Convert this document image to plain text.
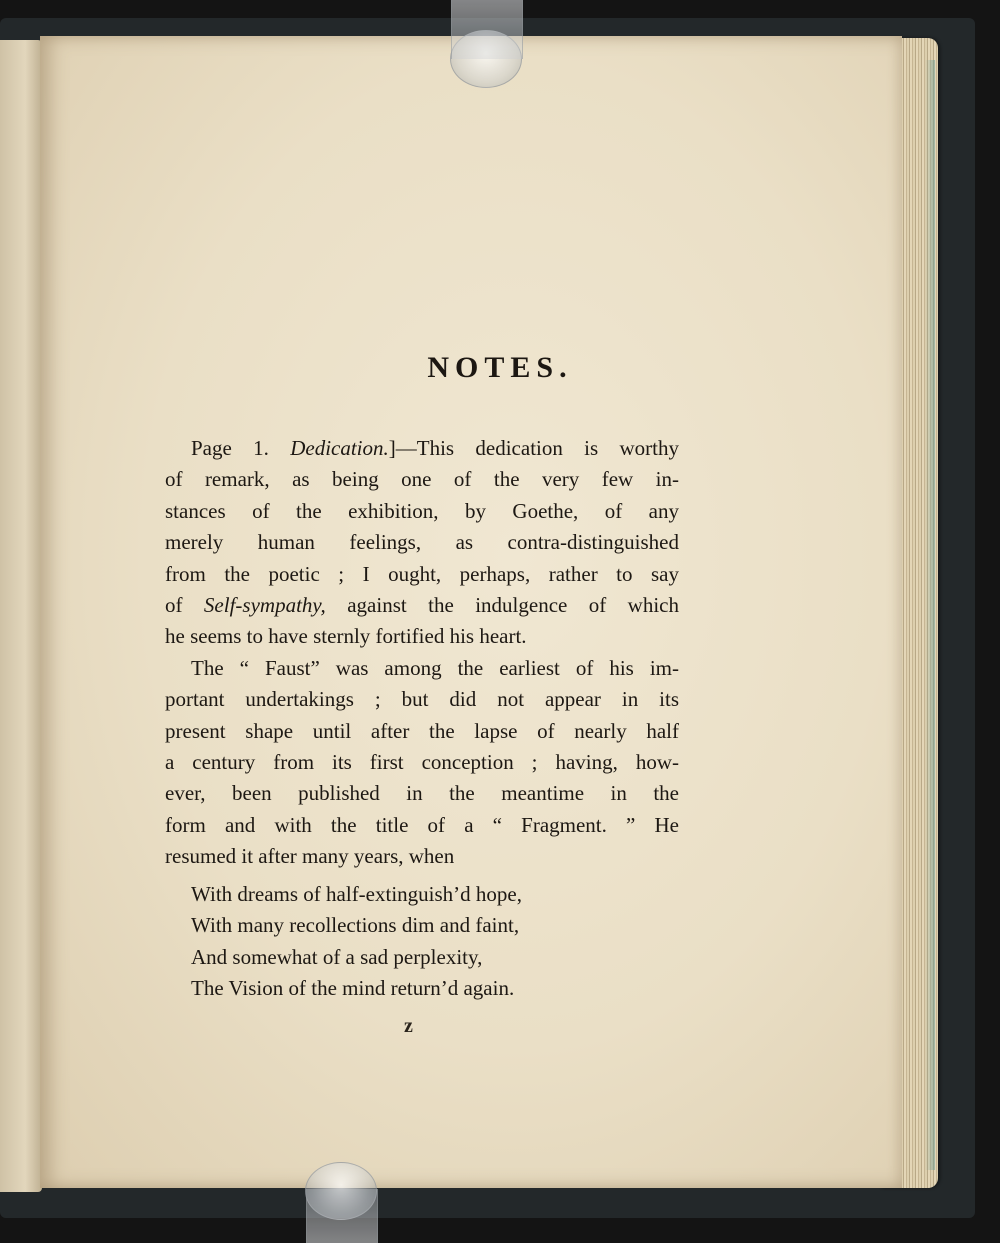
NOTES.

Page 1. Dedication.]—This dedication is worthy
of remark, as being one of the very few in-
stances of the exhibition, by Goethe, of any
merely human feelings, as contra-distinguished
from the poetic ; I ought, perhaps, rather to say
of Self-sympathy, against the indulgence of which
he seems to have sternly fortified his heart.

The “ Faust” was among the earliest of his im-
portant undertakings ; but did not appear in its
present shape until after the lapse of nearly half
a century from its first conception ; having, how-
ever, been published in the meantime in the
form and with the title of a “ Fragment. ” He
resumed it after many years, when

With dreams of half-extinguish’d hope,
With many recollections dim and faint,
And somewhat of a sad perplexity,
The Vision of the mind return’d again.

z
